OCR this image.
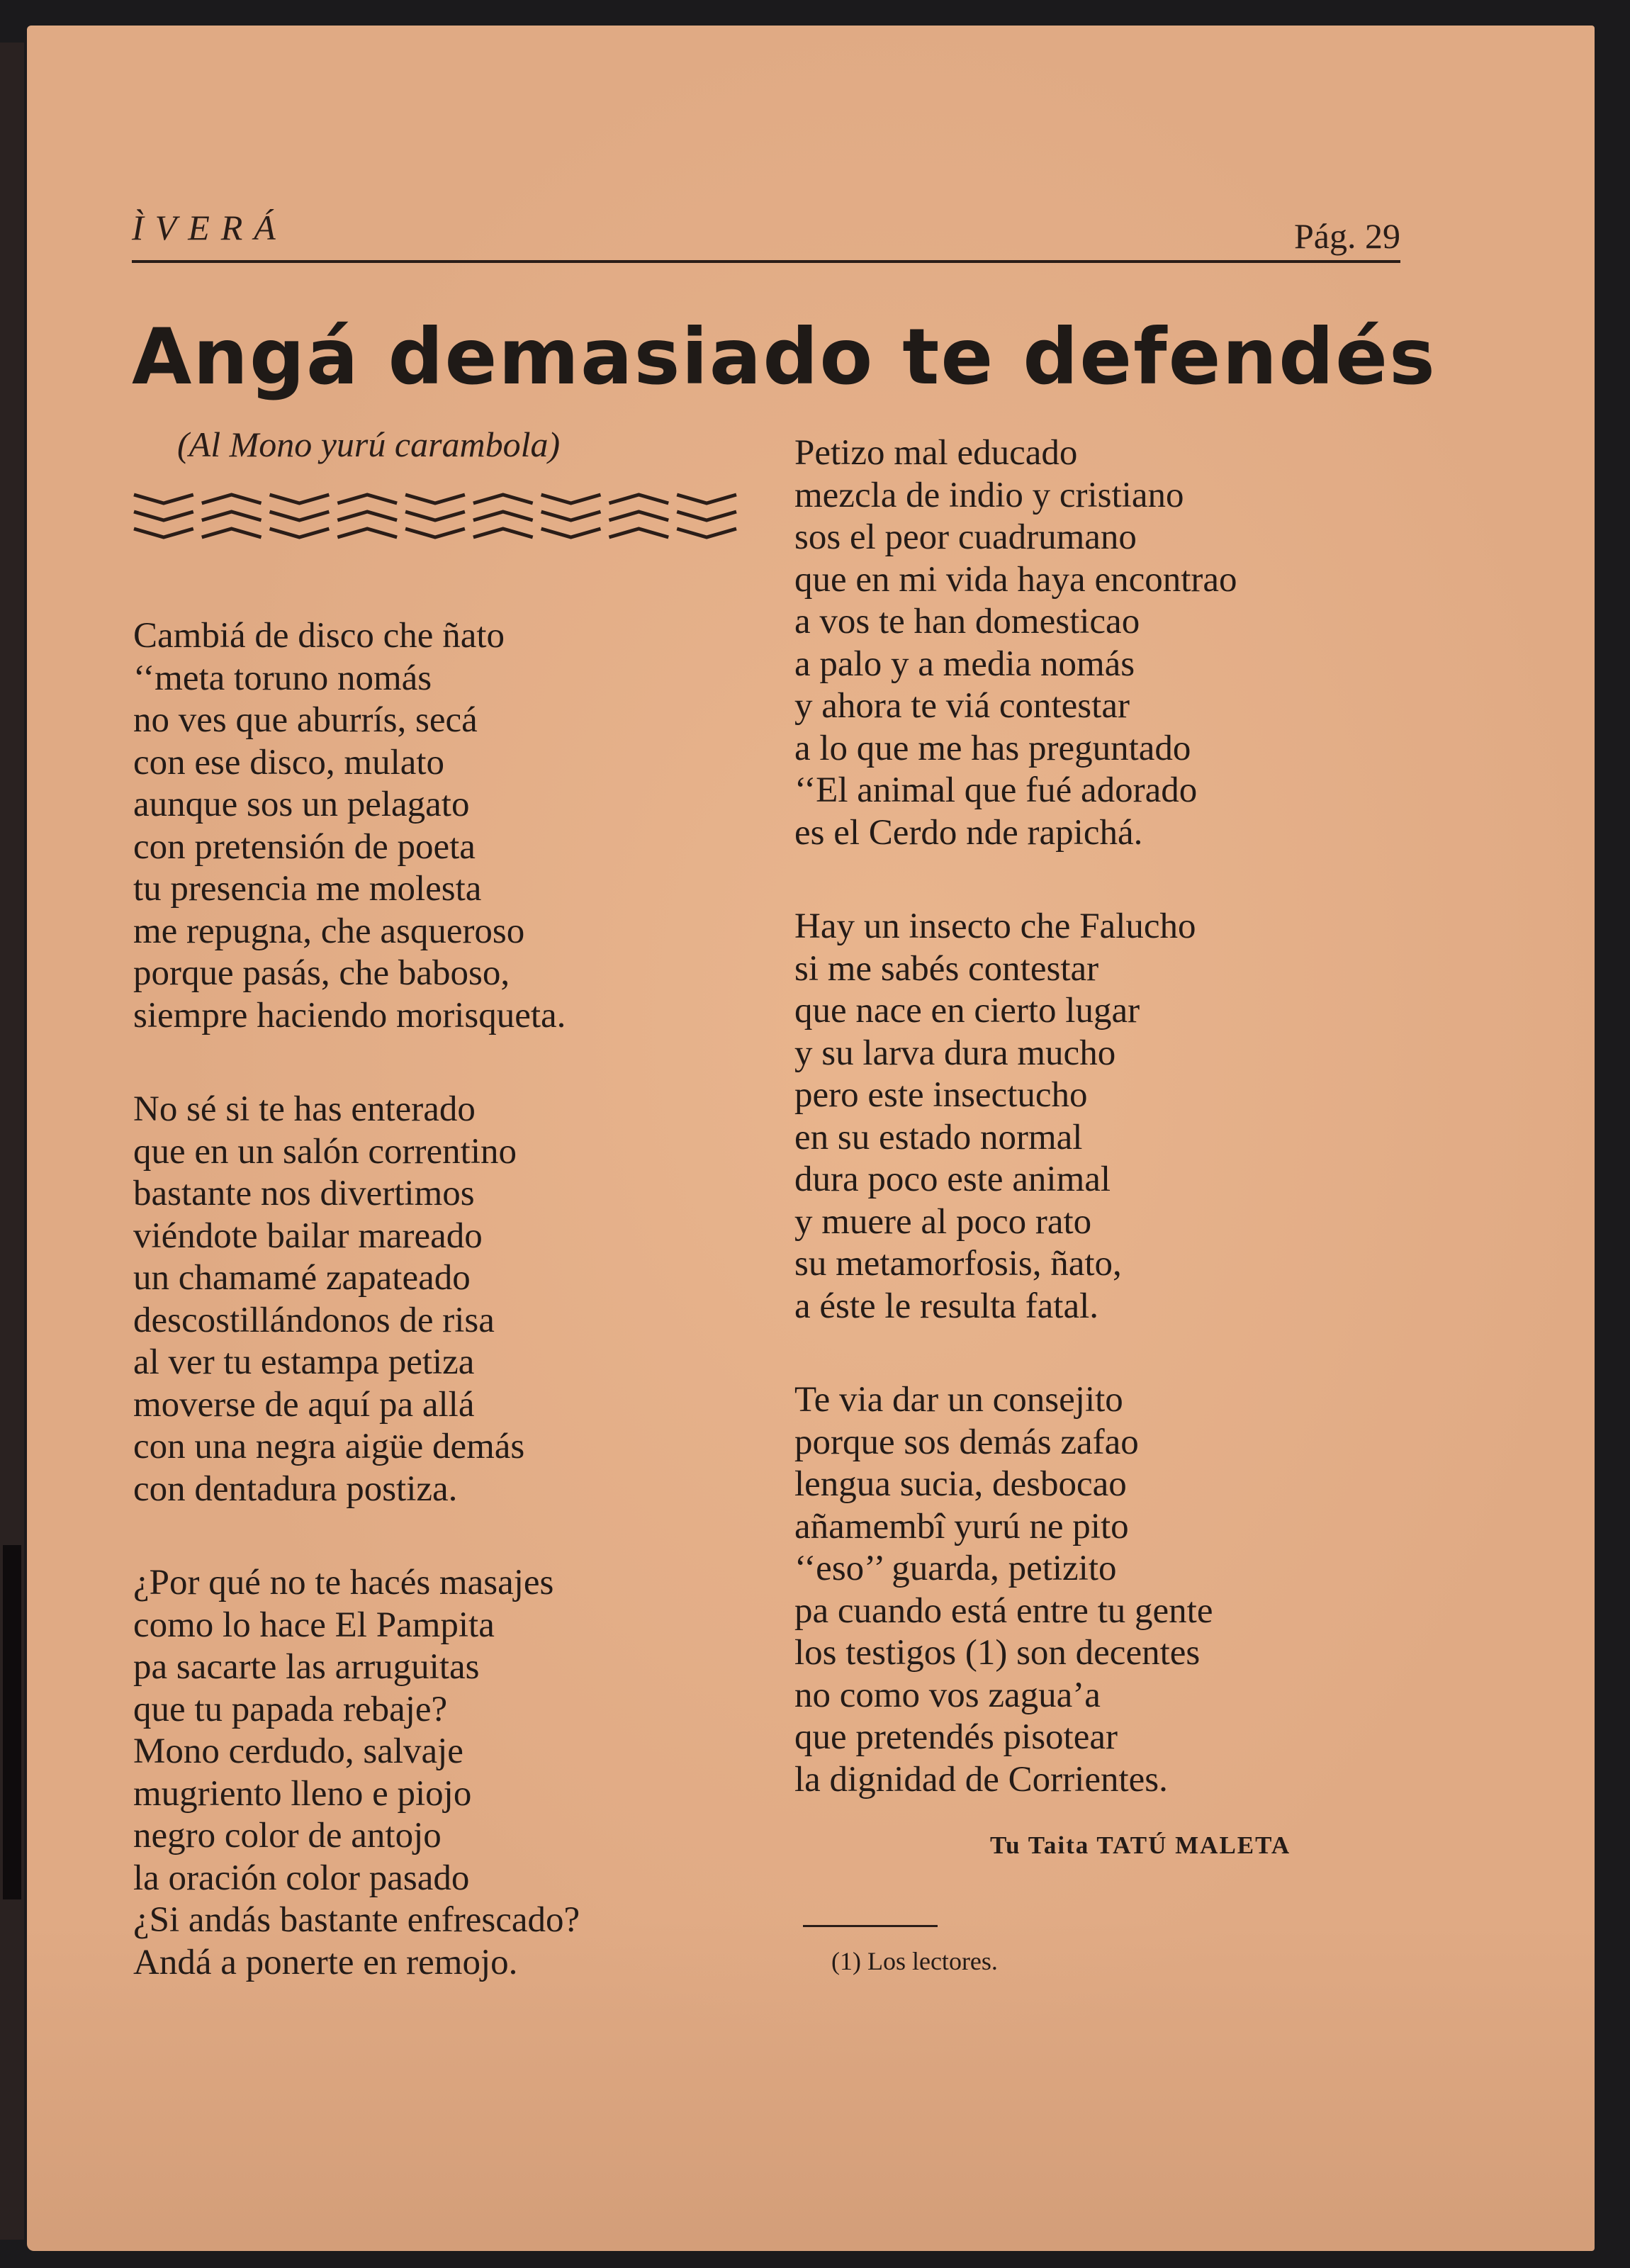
ÌVERÁ	Pág. 29
Angá demasiado te defendés
(Al Mono yurú carambola)
Cambiá de disco che ñato
‘‘meta toruno nomás
no ves que aburrís, secá
con ese disco, mulato
aunque sos un pelagato
con pretensión de poeta
tu presencia me molesta
me repugna, che asqueroso
porque pasás, che baboso,
siempre haciendo morisqueta.
No sé si te has enterado
que en un salón correntino
bastante nos divertimos
viéndote bailar mareado
un chamamé zapateado
descostillándonos de risa
al ver tu estampa petiza
moverse de aquí pa allá
con una negra aigüe demás
con dentadura postiza.
¿Por qué no te hacés masajes
como lo hace El Pampita
pa sacarte las arruguitas
que tu papada rebaje?
Mono cerdudo, salvaje
mugriento lleno e piojo
negro color de antojo
la oración color pasado
¿Si andás bastante enfrescado?
Andá a ponerte en remojo.
Petizo mal educado
mezcla de indio y cristiano
sos el peor cuadrumano
que en mi vida haya encontrao
a vos te han domesticao
a palo y a media nomás
y ahora te viá contestar
a lo que me has preguntado
‘‘El animal que fué adorado
es el Cerdo nde rapichá.
Hay un insecto che Falucho
si me sabés contestar
que nace en cierto lugar
y su larva dura mucho
pero este insectucho
en su estado normal
dura poco este animal
y muere al poco rato
su metamorfosis, ñato,
a éste le resulta fatal.
Te via dar un consejito
porque sos demás zafao
lengua sucia, desbocao
añamembî yurú ne pito
‘‘eso’’ guarda, petizito
pa cuando está entre tu gente
los testigos (1) son decentes
no como vos zagua’a
que pretendés pisotear
la dignidad de Corrientes.
Tu Taita TATÚ MALETA
(1) Los lectores.
